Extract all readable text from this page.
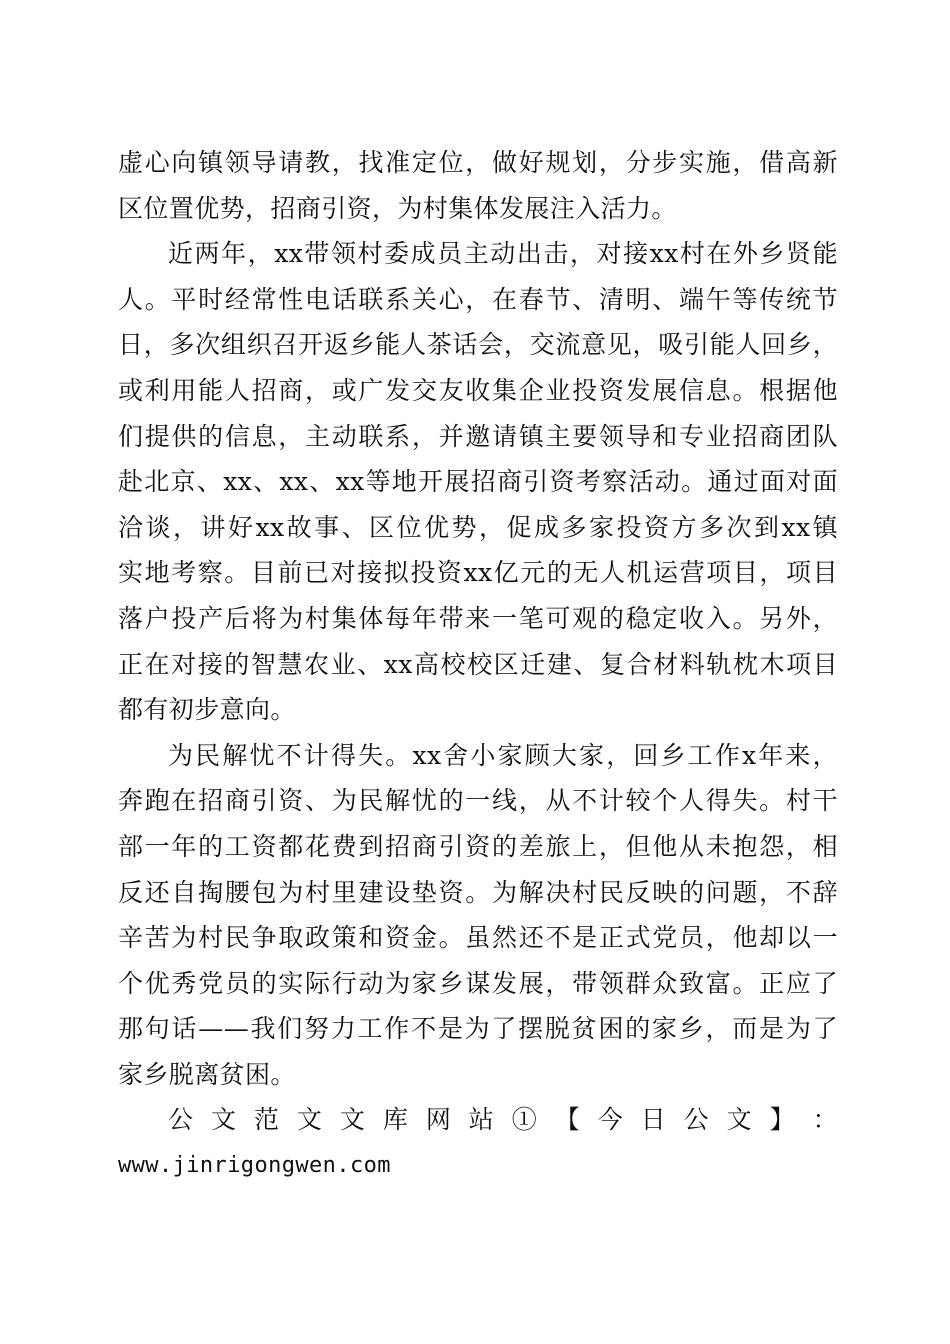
虚心向镇领导请教，找准定位，做好规划，分步实施，借高新
区位置优势，招商引资，为村集体发展注入活力。
近两年，xx带领村委成员主动出击，对接xx村在外乡贤能
人。平时经常性电话联系关心，在春节、清明、端午等传统节
日，多次组织召开返乡能人茶话会，交流意见，吸引能人回乡，
或利用能人招商，或广发交友收集企业投资发展信息。根据他
们提供的信息，主动联系，并邀请镇主要领导和专业招商团队
赴北京、xx、xx、xx等地开展招商引资考察活动。通过面对面
洽谈，讲好xx故事、区位优势，促成多家投资方多次到xx镇
实地考察。目前已对接拟投资xx亿元的无人机运营项目，项目
落户投产后将为村集体每年带来一笔可观的稳定收入。另外，
正在对接的智慧农业、xx高校校区迁建、复合材料轨枕木项目
都有初步意向。
为民解忧不计得失。xx舍小家顾大家，回乡工作x年来，
奔跑在招商引资、为民解忧的一线，从不计较个人得失。村干
部一年的工资都花费到招商引资的差旅上，但他从未抱怨，相
反还自掏腰包为村里建设垫资。为解决村民反映的问题，不辞
辛苦为村民争取政策和资金。虽然还不是正式党员，他却以一
个优秀党员的实际行动为家乡谋发展，带领群众致富。正应了
那句话——我们努力工作不是为了摆脱贫困的家乡，而是为了
家乡脱离贫困。
公 文 范 文 文 库 网 站 ① 【 今 日 公 文 】 ：
www.jinrigongwen.com
